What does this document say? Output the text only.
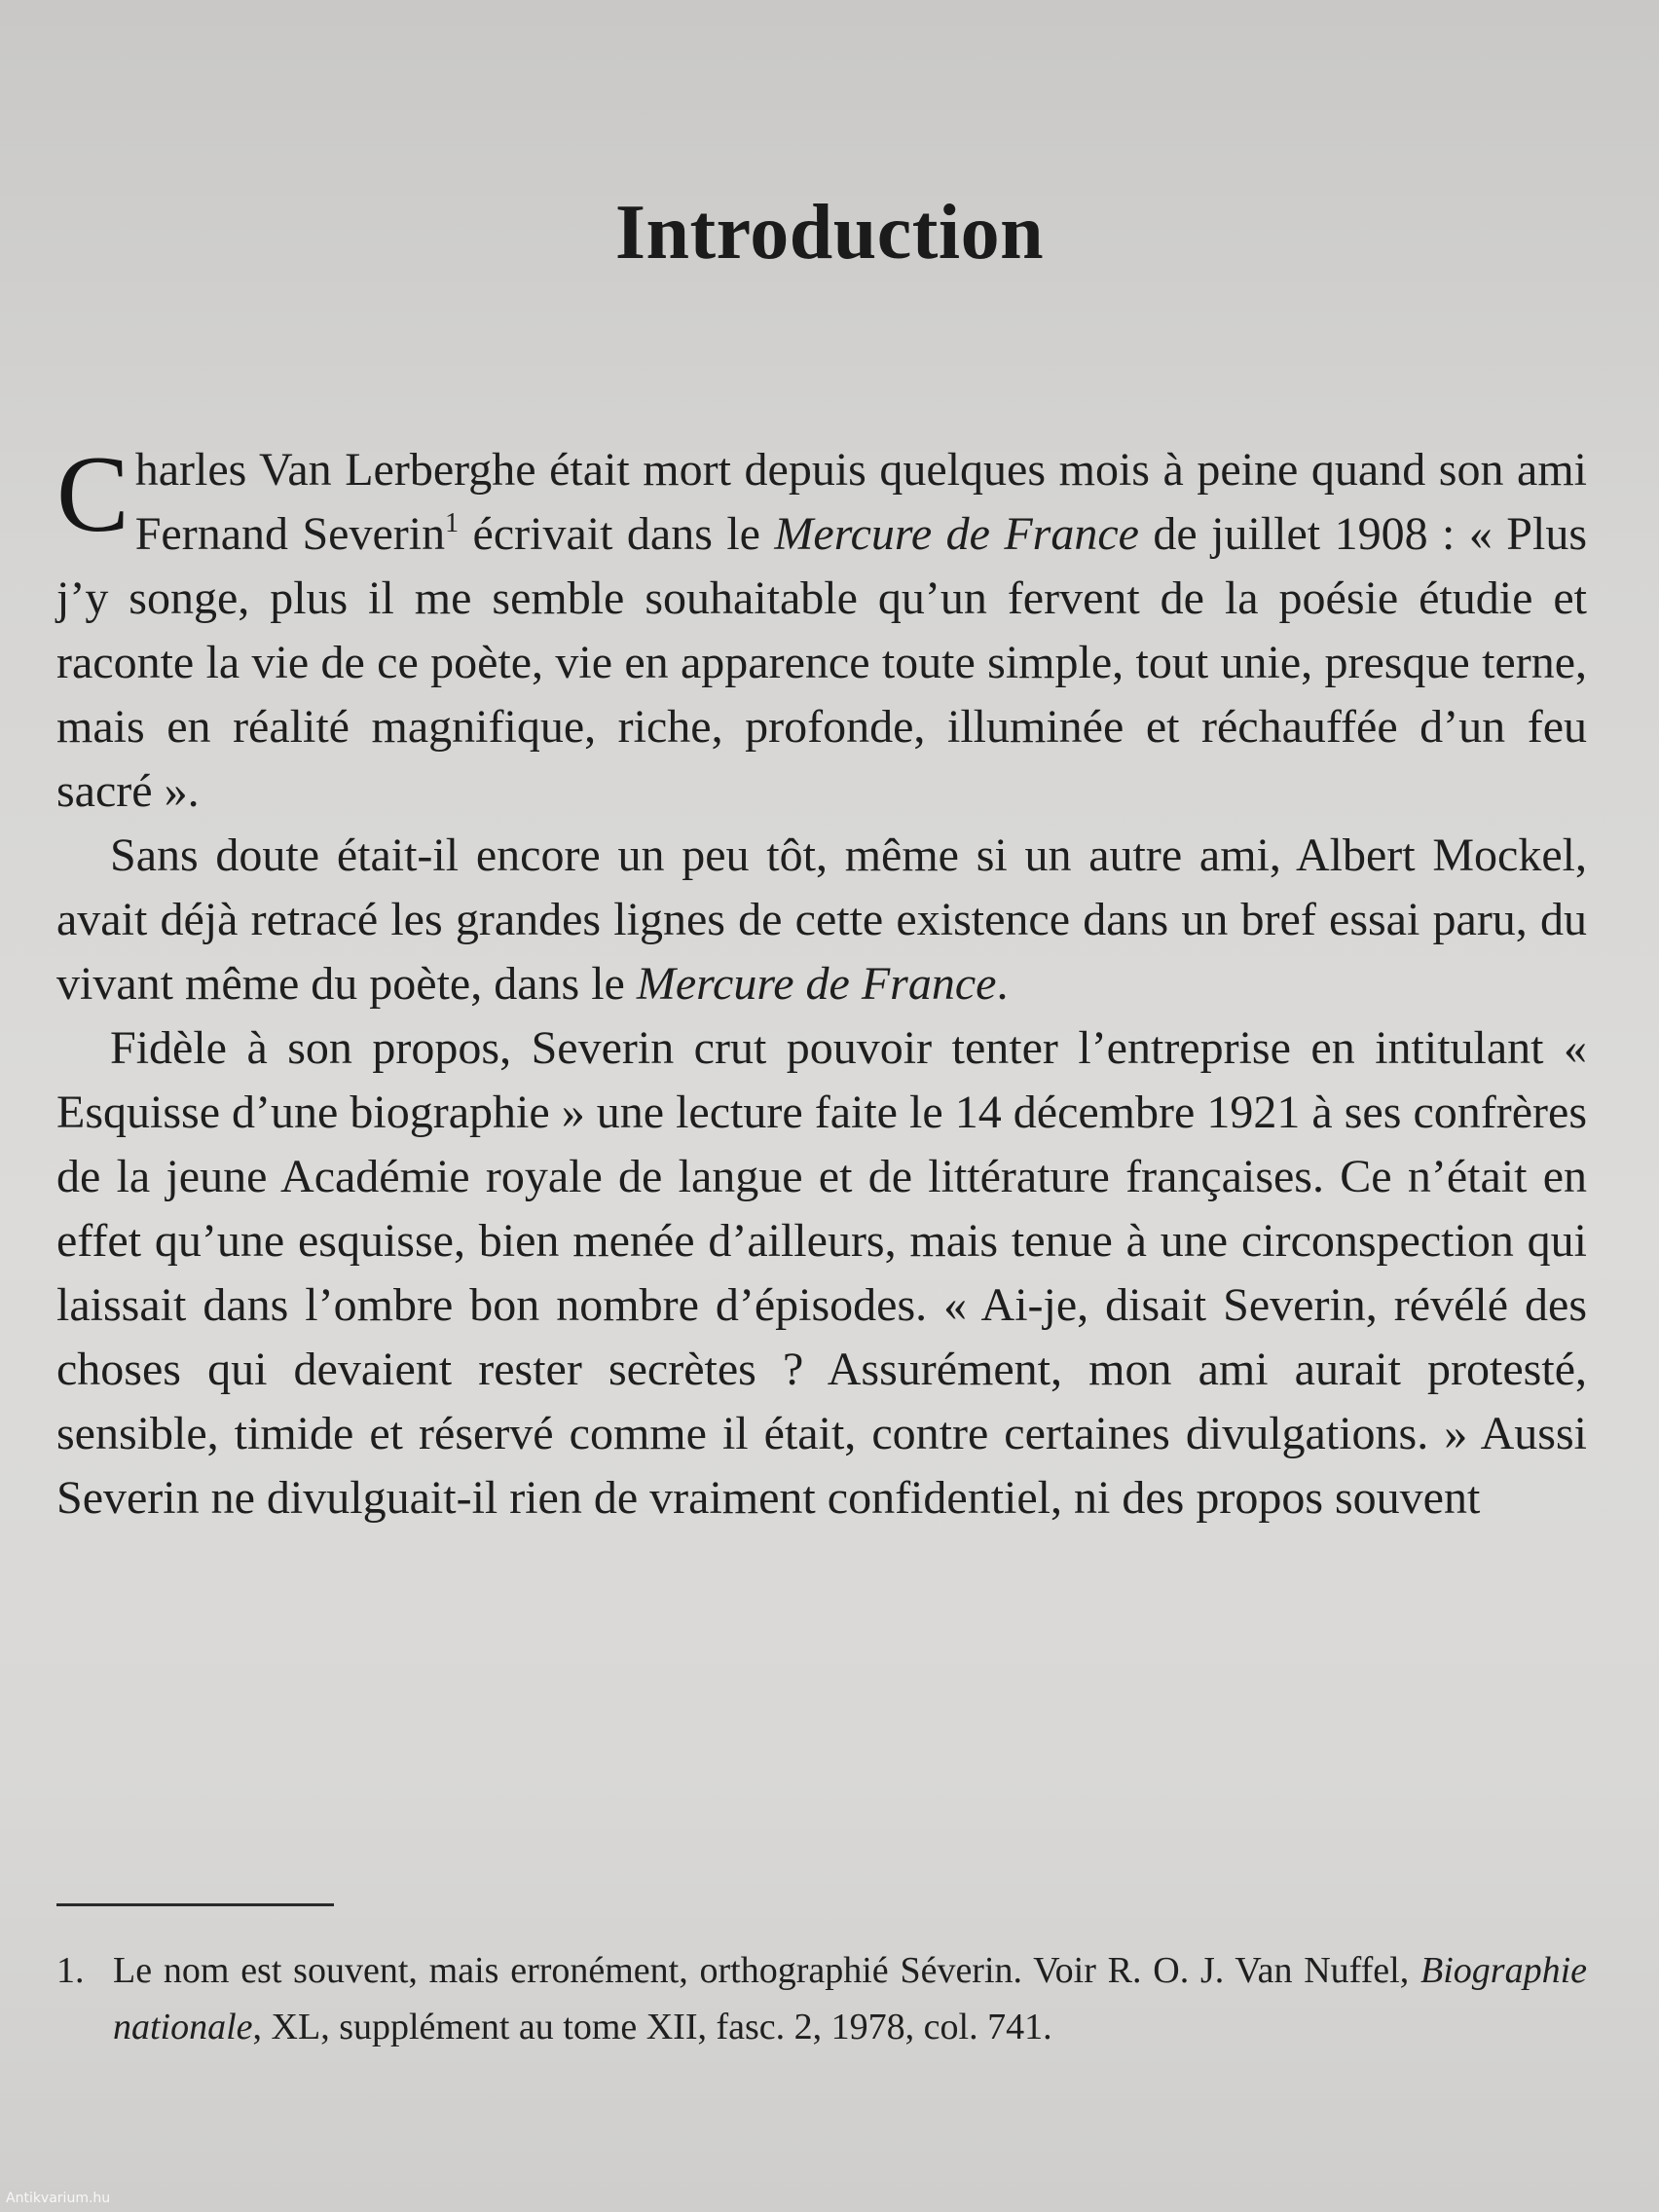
Introduction

Charles Van Lerberghe était mort depuis quelques mois à peine quand son ami Fernand Severin$^1$ écrivait dans le Mercure de France de juillet 1908 : « Plus j’y songe, plus il me semble souhaitable qu’un fervent de la poésie étudie et raconte la vie de ce poète, vie en apparence toute simple, tout unie, presque terne, mais en réalité magnifique, riche, profonde, illuminée et réchauffée d’un feu sacré ».

Sans doute était-il encore un peu tôt, même si un autre ami, Albert Mockel, avait déjà retracé les grandes lignes de cette existence dans un bref essai paru, du vivant même du poète, dans le Mercure de France.

Fidèle à son propos, Severin crut pouvoir tenter l’entreprise en intitulant « Esquisse d’une biographie » une lecture faite le 14 décembre 1921 à ses confrères de la jeune Académie royale de langue et de littérature françaises. Ce n’était en effet qu’une esquisse, bien menée d’ailleurs, mais tenue à une circonspection qui laissait dans l’ombre bon nombre d’épisodes. « Ai-je, disait Severin, révélé des choses qui devaient rester secrètes ? Assurément, mon ami aurait protesté, sensible, timide et réservé comme il était, contre certaines divulgations. » Aussi Severin ne divulguait-il rien de vraiment confidentiel, ni des propos souvent

1. Le nom est souvent, mais erronément, orthographié Séverin. Voir R. O. J. Van Nuffel, Biographie nationale, XL, supplément au tome XII, fasc. 2, 1978, col. 741.
Antikvarium.hu
